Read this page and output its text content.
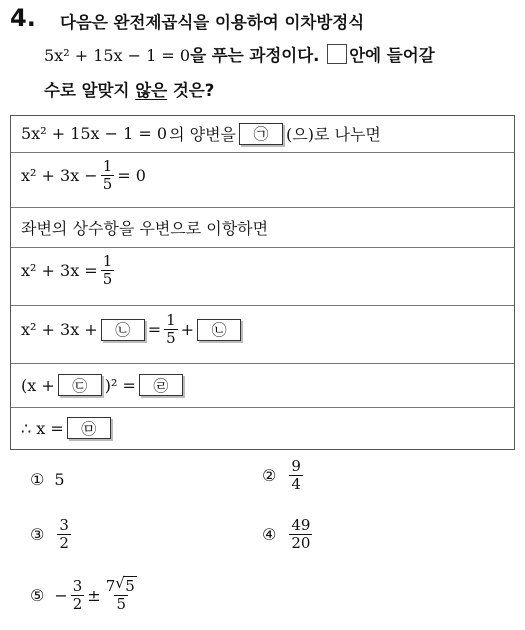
4. 다음은 완전제곱식을 이용하여 이차방정식
5x² + 15x − 1 = 0을 푸는 과정이다. 안에 들어갈
수로 알맞지 않은 것은?
5x² + 15x − 1 = 0 의 양변을	㉠	(으)로 나누면
$x^2 + 3x - \frac{1}{5} = 0$
좌변의 상수항을 우변으로 이항하면
$x^2 + 3x = \frac{1}{5}$
x² + 3x +	㉡	= $\frac{1}{5}$ +	㉡
(x +	㉢	)² =	㉣
∴ x =	㉤
① 5	② $\frac{9}{4}$
③ $\frac{3}{2}$	④ $\frac{49}{20}$
⑤ − $\frac{3}{2} \pm \frac{7 √ 5}{5}$
